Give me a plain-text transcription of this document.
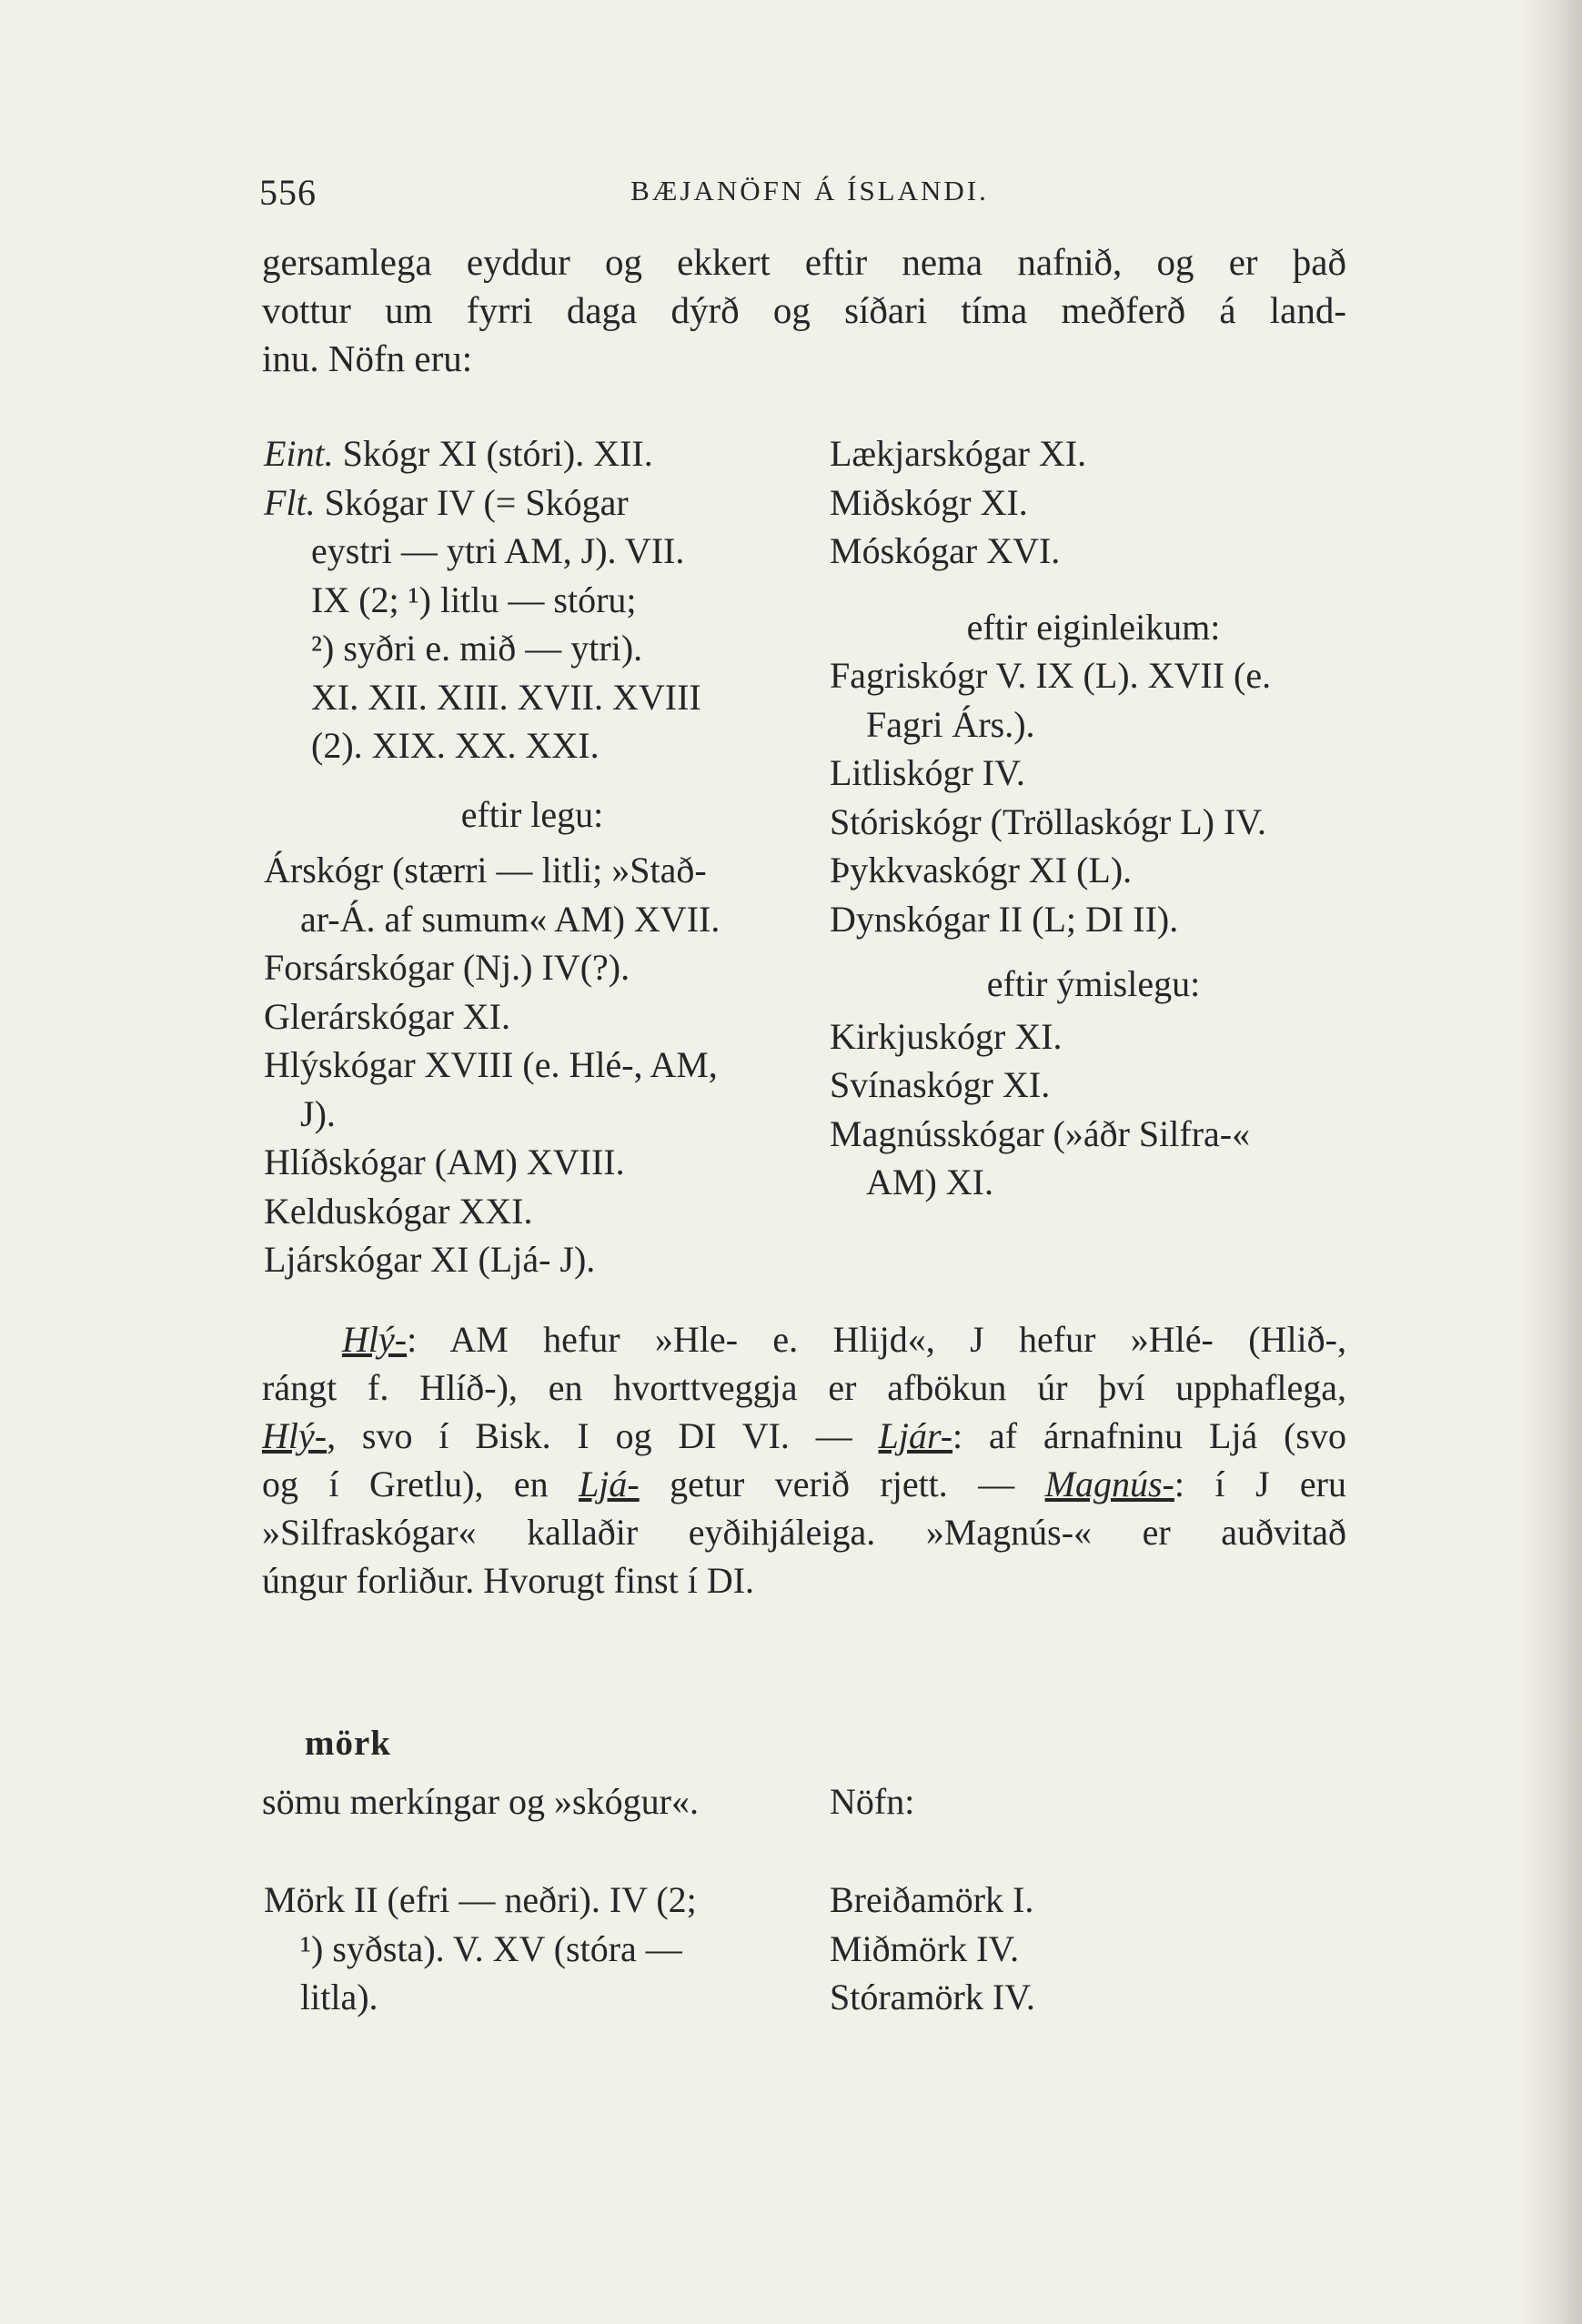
556	BÆJANÖFN Á ÍSLANDI.
gersamlega eyddur og ekkert eftir nema nafnið, og er það
vottur um fyrri daga dýrð og síðari tíma meðferð á land-
inu. Nöfn eru:
Eint. Skógr XI (stóri). XII.
Flt. Skógar IV (= Skógar
eystri — ytri AM, J). VII.
IX (2; ¹) litlu — stóru;
²) syðri e. mið — ytri).
XI. XII. XIII. XVII. XVIII
(2). XIX. XX. XXI.
eftir legu:
Árskógr (stærri — litli; »Stað-
ar-Á. af sumum« AM) XVII.
Forsárskógar (Nj.) IV(?).
Glerárskógar XI.
Hlýskógar XVIII (e. Hlé-, AM,
J).
Hlíðskógar (AM) XVIII.
Kelduskógar XXI.
Ljárskógar XI (Ljá- J).
Lækjarskógar XI.
Miðskógr XI.
Móskógar XVI.
eftir eiginleikum:
Fagriskógr V. IX (L). XVII (e.
Fagri Árs.).
Litliskógr IV.
Stóriskógr (Tröllaskógr L) IV.
Þykkvaskógr XI (L).
Dynskógar II (L; DI II).
eftir ýmislegu:
Kirkjuskógr XI.
Svínaskógr XI.
Magnússkógar (»áðr Silfra-«
AM) XI.
Hlý-: AM hefur »Hle- e. Hlijd«, J hefur »Hlé- (Hlið-,
rángt f. Hlíð-), en hvorttveggja er afbökun úr því upphaflega,
Hlý-, svo í Bisk. I og DI VI. — Ljár-: af árnafninu Ljá (svo
og í Gretlu), en Ljá- getur verið rjett. — Magnús-: í J eru
»Silfraskógar« kallaðir eyðihjáleiga. »Magnús-« er auðvitað
úngur forliður. Hvorugt finst í DI.
mörk
sömu merkíngar og »skógur«.	Nöfn:
Mörk II (efri — neðri). IV (2;
¹) syðsta). V. XV (stóra —
litla).
Breiðamörk I.
Miðmörk IV.
Stóramörk IV.
